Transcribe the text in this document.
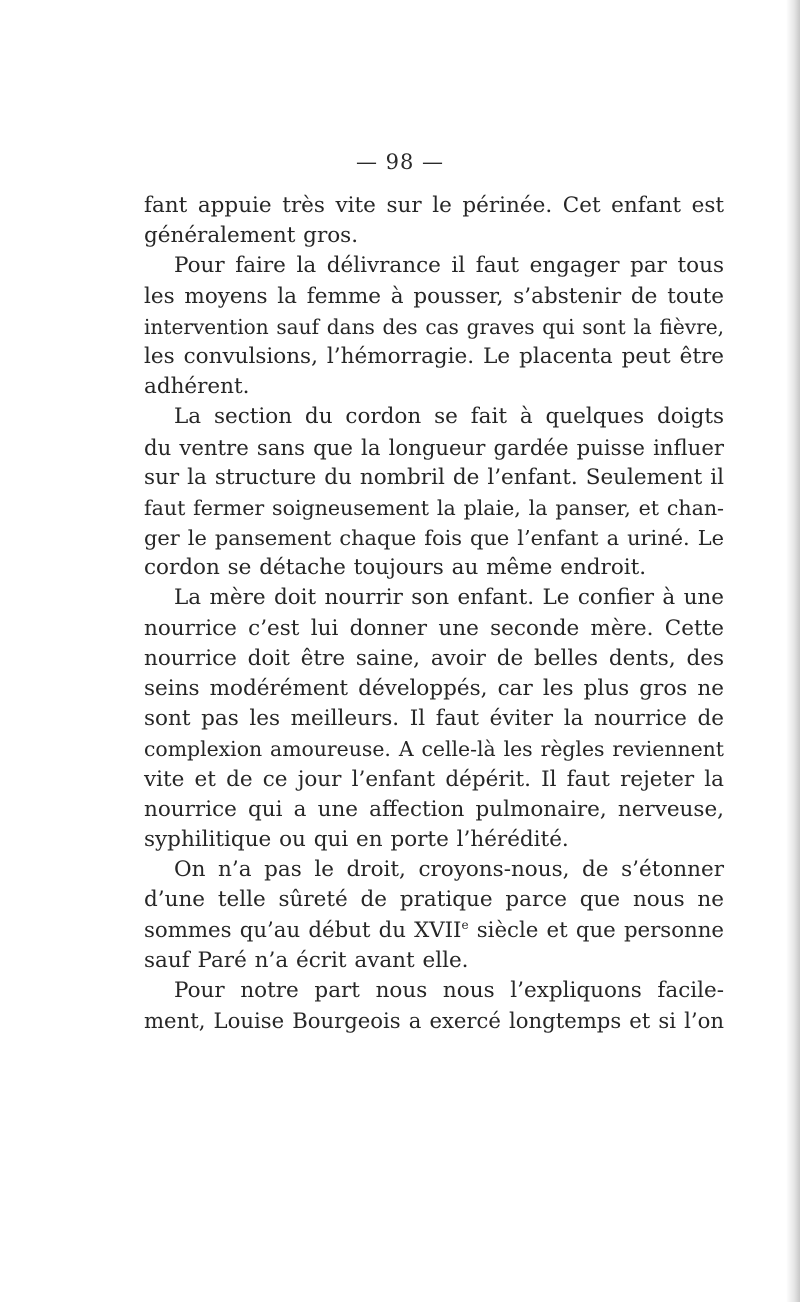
— 98 —
fant appuie très vite sur le périnée. Cet enfant est
généralement gros.
Pour faire la délivrance il faut engager par tous
les moyens la femme à pousser, s’abstenir de toute
intervention sauf dans des cas graves qui sont la fièvre,
les convulsions, l’hémorragie. Le placenta peut être
adhérent.
La section du cordon se fait à quelques doigts
du ventre sans que la longueur gardée puisse influer
sur la structure du nombril de l’enfant. Seulement il
faut fermer soigneusement la plaie, la panser, et chan-
ger le pansement chaque fois que l’enfant a uriné. Le
cordon se détache toujours au même endroit.
La mère doit nourrir son enfant. Le confier à une
nourrice c’est lui donner une seconde mère. Cette
nourrice doit être saine, avoir de belles dents, des
seins modérément développés, car les plus gros ne
sont pas les meilleurs. Il faut éviter la nourrice de
complexion amoureuse. A celle-là les règles reviennent
vite et de ce jour l’enfant dépérit. Il faut rejeter la
nourrice qui a une affection pulmonaire, nerveuse,
syphilitique ou qui en porte l’hérédité.
On n’a pas le droit, croyons-nous, de s’étonner
d’une telle sûreté de pratique parce que nous ne
sommes qu’au début du XVIIe siècle et que personne
sauf Paré n’a écrit avant elle.
Pour notre part nous nous l’expliquons facile-
ment, Louise Bourgeois a exercé longtemps et si l’on
